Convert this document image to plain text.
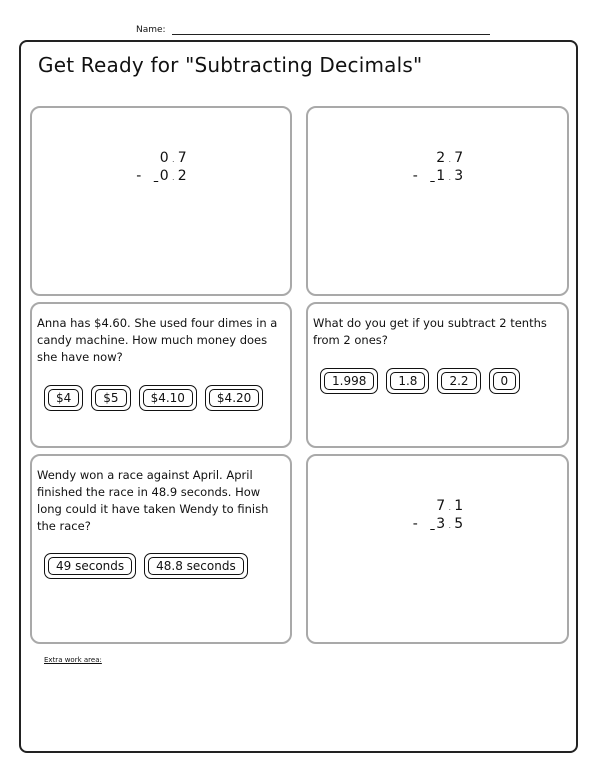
Name:
Get Ready for "Subtracting Decimals"
0 . 7
- 0 . 2
2 . 7
- 1 . 3
Anna has $4.60. She used four dimes in a candy machine. How much money does she have now?
$4	$5	$4.10	$4.20
What do you get if you subtract 2 tenths from 2 ones?
1.998	1.8	2.2	0
Wendy won a race against April. April finished the race in 48.9 seconds. How long could it have taken Wendy to finish the race?
49 seconds	48.8 seconds
7 . 1
- 3 . 5
Extra work area:
